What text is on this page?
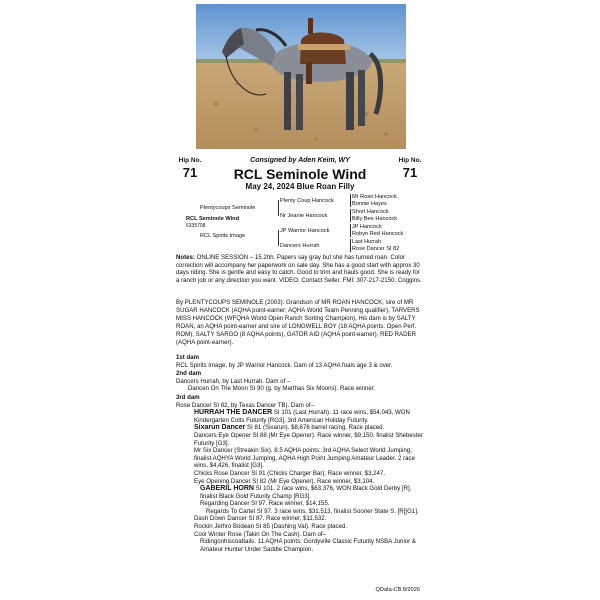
Hip No.
71
Consigned by Aden Keim, WY	Hip No.
71
RCL Seminole Wind
May 24, 2024 Blue Roan Filly
Plentycoups Seminole
RCL Seminole Wind
6335708
RCL Spirits Image
Plenty Coup Hancock
Nr Jeanie Hancock
JP Warrior Hancock
Dancers Hurrah
Mr Roan Hancock
Bonnie Hayes
Short Hancock
Billy Bee Hancock
JP Hancock
Robyn Red Hancock
Last Hurrah
Rose Dancer SI 82
Notes: ONLINE SESSION – 15.2hh. Papers say gray but she has turned roan. Color correction will accompany her paperwork on sale day. She has a good start with approx 30 days riding. She is gentle and easy to catch. Good to trim and hauls good. She is ready for a ranch job or any direction you want. VIDEO: Contact Seller. FMI: 307-217-2150. Coggins.
By PLENTYCOUPS SEMINOLE (2003). Grandson of MR ROAN HANCOCK; sire of MR SUGAR HANCOCK (AQHA point-earner; AQHA World Team Penning qualifier), TARVERS MISS HANCOCK (WFQHA World Open Ranch Sorting Champion), His dam is by SALTY ROAN, an AQHA point-earner and sire of LONGWELL BOY (18 AQHA points: Open Perf. ROM), SALTY SARGO (8 AQHA points), GATOR AID (AQHA point-earner), RED RADER (AQHA point-earner).

1st dam

RCL Spirits Image, by JP Warrior Hancock. Dam of 13 AQHA foals age 3 & over.

2nd dam

Dancers Hurrah, by Last Hurrah. Dam of –

Dancen On The Moon SI 90 (g. by Marthas Six Moons). Race winner.

3rd dam

Rose Dancer SI 82, by Texas Dancer TB). Dam of–

HURRAH THE DANCER SI 101 (Last Hurrah). 11 race wins, $54,043, WON Kindergarten Colts Futurity [RG3], 3rd American Holiday Futurity.

Sixarun Dancer SI 81 (Sixarun). $8,676 barrel racing. Race placed.

Dancers Eye Opener SI 88 (Mr Eye Opener). Race winner, $9,150. finalist Shebester Futurity [G3].

Mr Six Dancer (Streakin Six). 8.5 AQHA points: 3rd AQHA Select World Jumping; finalist AQHYA World Jumping, AQHA High Point Jumping Amateur Leader. 2 race wins, $4,426, finalist [G3].

Chicks Rose Dancer SI 91 (Chicks Charger Bar). Race winner, $3,247.

Eye Opening Dancer SI 82 (Mr Eye Opener). Race winner, $3,104.

GABERIL HORN SI 101. 2 race wins, $63,376, WON Black Gold Derby [R], finalist Black Gold Futurity Champ [RG3].

Regarding Dancer SI 97. Race winner, $14,155.

Regards To Cartel SI 97. 3 race wins, $31,513, finalist Sooner State S. [R][G1].

Dash Down Dancer SI 87. Race winner, $11,532.

Rockin Jethro Bodean SI 85 (Dashing Val). Race placed.

Cool Winter Rose (Takin On The Cash). Dam of–

Ridingonhiscoattails. 11 AQHA points: Gordyville Classic Futurity NSBA Junior & Amateur Hunter Under Saddle Champion.

QData-CB 8/2026
